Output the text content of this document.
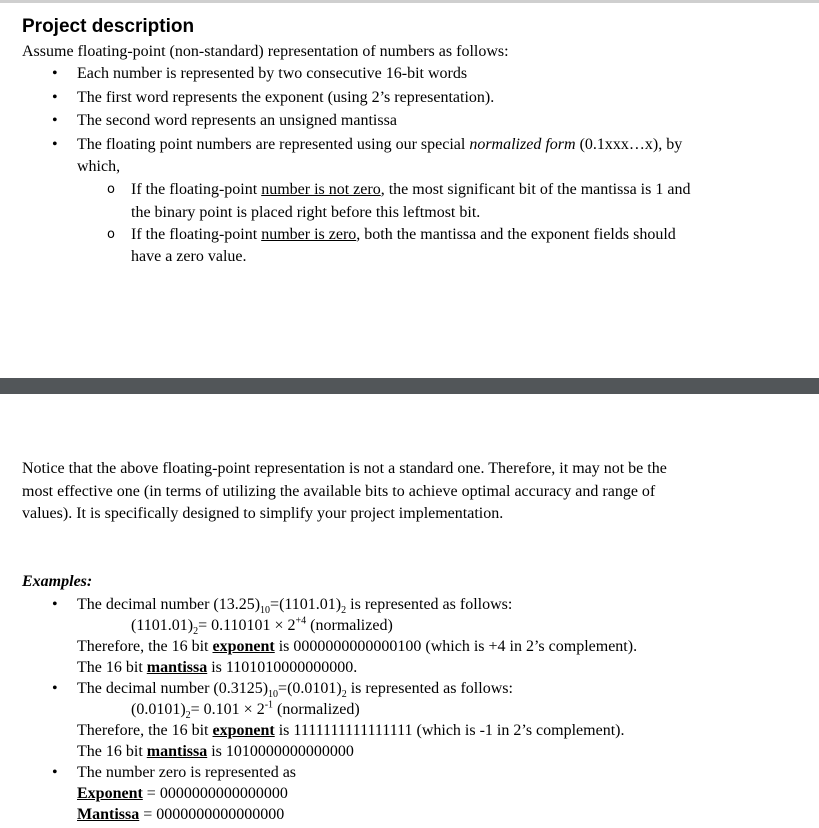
Project description
Assume floating-point (non-standard) representation of numbers as follows:
• Each number is represented by two consecutive 16-bit words
• The first word represents the exponent (using 2’s representation).
• The second word represents an unsigned mantissa
• The floating point numbers are represented using our special normalized form (0.1xxx…x), by
which,
o If the floating-point number is not zero, the most significant bit of the mantissa is 1 and
the binary point is placed right before this leftmost bit.
o If the floating-point number is zero, both the mantissa and the exponent fields should
have a zero value.
Notice that the above floating-point representation is not a standard one. Therefore, it may not be the
most effective one (in terms of utilizing the available bits to achieve optimal accuracy and range of
values). It is specifically designed to simplify your project implementation.
Examples:
• The decimal number $(13.25)_{10}=(1101.01)_2$ is represented as follows:
$(1101.01)_2= 0.110101 \times 2^{+4}$ (normalized)
Therefore, the 16 bit exponent is 0000000000000100 (which is +4 in 2’s complement).
The 16 bit mantissa is 1101010000000000.
• The decimal number $(0.3125)_{10}=(0.0101)_2$ is represented as follows:
$(0.0101)_2= 0.101 \times 2^{-1}$ (normalized)
Therefore, the 16 bit exponent is 1111111111111111 (which is -1 in 2’s complement).
The 16 bit mantissa is 1010000000000000
• The number zero is represented as
Exponent = 0000000000000000
Mantissa = 0000000000000000
